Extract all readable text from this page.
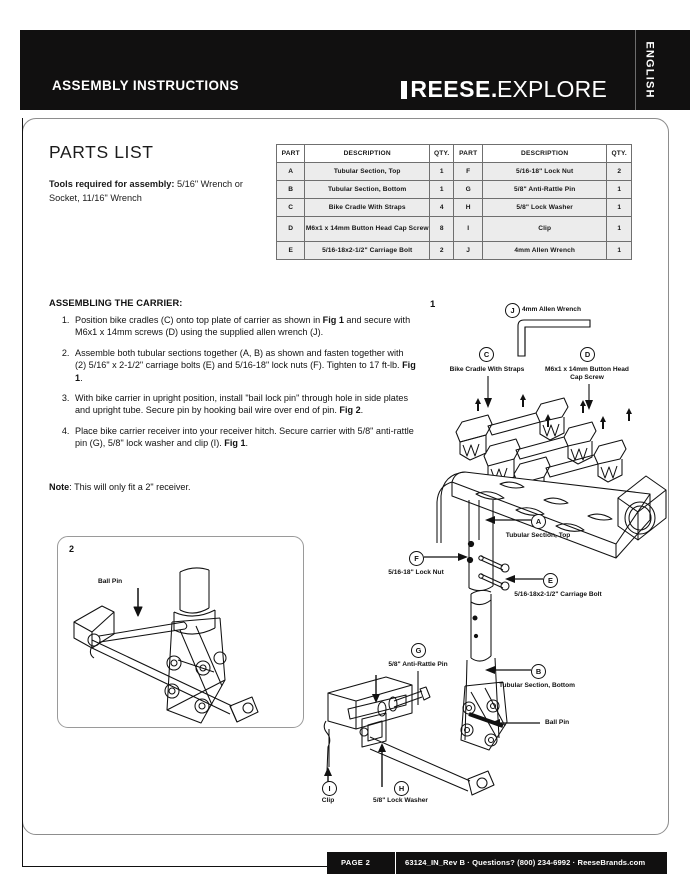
ASSEMBLY INSTRUCTIONS	REESE . EXPLORE	ENGLISH
PARTS LIST
Tools required for assembly: 5/16" Wrench or Socket, 11/16" Wrench
PART	DESCRIPTION	QTY.	PART	DESCRIPTION	QTY.
A	Tubular Section, Top	1	F	5/16-18" Lock Nut	2
B	Tubular Section, Bottom	1	G	5/8" Anti-Rattle Pin	1
C	Bike Cradle With Straps	4	H	5/8" Lock Washer	1
D	M6x1 x 14mm Button Head Cap Screw	8	I	Clip	1
E	5/16-18x2-1/2" Carriage Bolt	2	J	4mm Allen Wrench	1
ASSEMBLING THE CARRIER:
1. Position bike cradles (C) onto top plate of carrier as shown in Fig 1 and secure with M6x1 x 14mm screws (D) using the supplied allen wrench (J).
2. Assemble both tubular sections together (A, B) as shown and fasten together with (2) 5/16" x 2-1/2" carriage bolts (E) and 5/16-18" lock nuts (F). Tighten to 17 ft-lb. Fig 1.
3. With bike carrier in upright position, install "bail lock pin" through hole in side plates and upright tube. Secure pin by hooking bail wire over end of pin. Fig 2.
4. Place bike carrier receiver into your receiver hitch. Secure carrier with 5/8" anti-rattle pin (G), 5/8" lock washer and clip (I). Fig 1.
Note: This will only fit a 2" receiver.
2
Ball Pin
1
J	4mm Allen Wrench
C
Bike Cradle With Straps
D
M6x1 x 14mm Button Head Cap Screw
A
Tubular Section, Top
F
5/16-18" Lock Nut
E
5/16-18x2-1/2" Carriage Bolt
G
5/8" Anti-Rattle Pin
B
Tubular Section, Bottom
Ball Pin
H
5/8" Lock Washer
I
Clip
PAGE 2	63124_IN_Rev B · Questions? (800) 234-6992 · ReeseBrands.com
